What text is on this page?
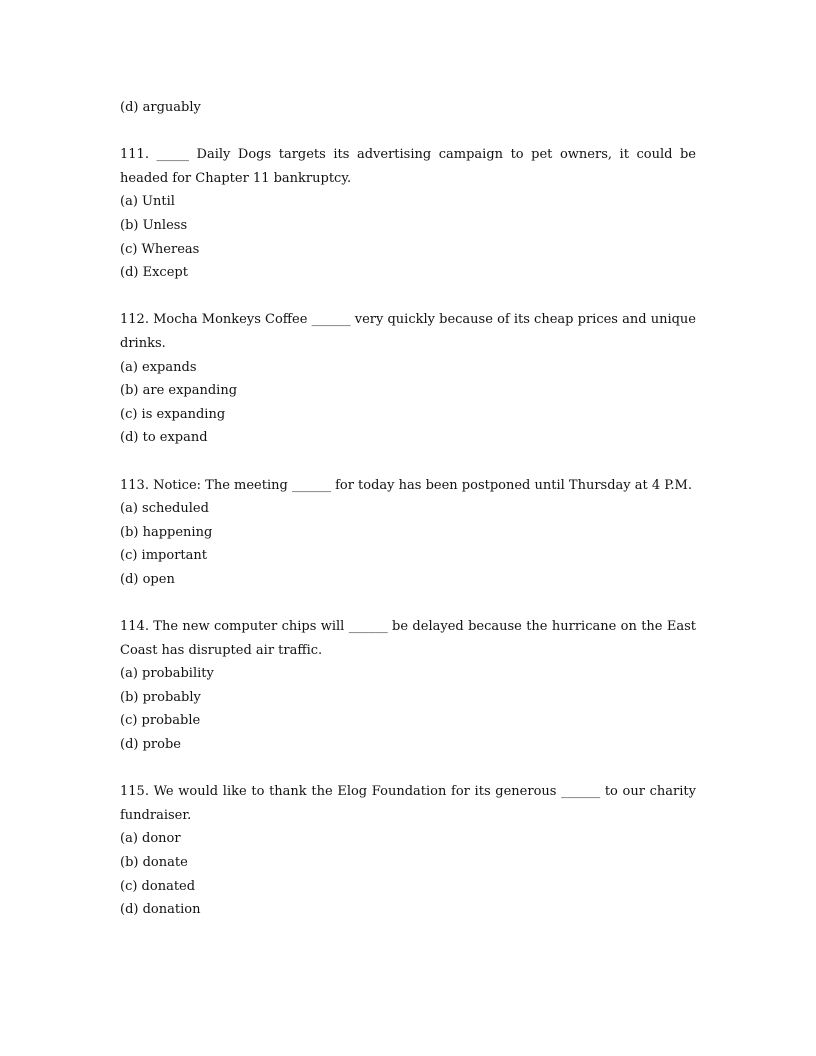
(d) arguably
111. _____ Daily Dogs targets its advertising campaign to pet owners, it could be headed for Chapter 11 bankruptcy.
(a) Until
(b) Unless
(c) Whereas
(d) Except
112. Mocha Monkeys Coffee ______ very quickly because of its cheap prices and unique drinks.
(a) expands
(b) are expanding
(c) is expanding
(d) to expand
113. Notice: The meeting ______ for today has been postponed until Thursday at 4 P.M.
(a) scheduled
(b) happening
(c) important
(d) open
114. The new computer chips will ______ be delayed because the hurricane on the East Coast has disrupted air traffic.
(a) probability
(b) probably
(c) probable
(d) probe
115. We would like to thank the Elog Foundation for its generous ______ to our charity fundraiser.
(a) donor
(b) donate
(c) donated
(d) donation
